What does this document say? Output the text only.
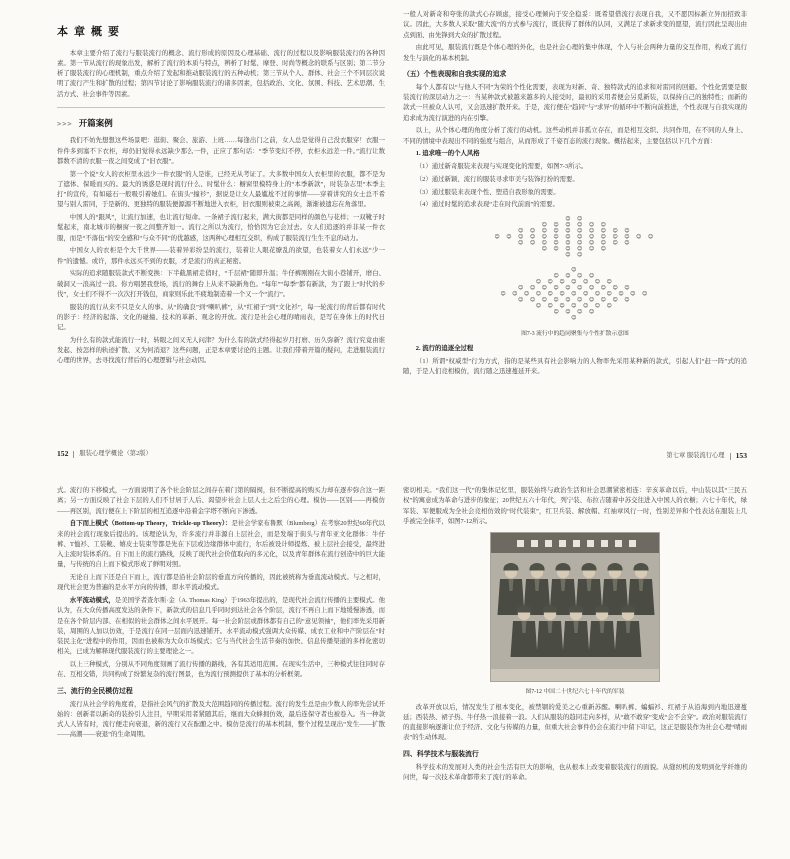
本章概要

本章主要介绍了流行与服装流行的概念、流行形成的原因及心理基础、流行的过程以及影响服装流行的各种因素。第一节从流行的现象出发，解析了流行的本质与特点，辨析了时髦、摩登、时尚等概念的联系与区别；第二节分析了服装流行的心理机制，重点介绍了发起和推动服装流行的五种动机；第三节从个人、群体、社会三个不同层次说明了流行产生和扩散的过程；第四节讨论了影响服装流行的诸多因素，包括政治、文化、氛围、科技、艺术思潮、生活方式、社会事件等因素。

>>> 开篇案例

我们不妨先想想这些场景吧：逛街、聚会、旅游、上班……每逢出门之前，女人总是觉得自己没衣服穿！衣服一件件多到塞不下衣柜，却仍旧觉得永远缺少那么一件，正应了那句话：“季节变幻不停，衣柜永远差一件。”流行让数都数不清的衣服一夜之间变成了“旧衣服”。

第一个说“女人的衣柜里永远少一件衣服”的人是谁，已经无从考证了。大多数中国女人衣柜里的衣服，都不是为了遮体、保暖而买的。最大的诱惑是现时流行什么、时髦什么：橱窗里模特身上的“本季新款”，时装杂志里“本季主打”的宣传，有如磁石一般吸引着她们。在街头“撞衫”，据说是让女人最尴尬不过的事情——穿着讲究的女士总不希望与别人雷同，于是新的、更独特的服装便源源不断地进入衣柜，旧衣服则被束之高阁，渐渐被遗忘在角落里。

中国人的“跟风”，让流行加速，也让流行短命。一条裙子流行起来，满大街都是同样的颜色与花样；一双靴子时髦起来，南北城市的橱窗一夜之间整齐划一。流行之所以为流行，恰恰因为它会过去。女人们追逐的并非某一件衣服，而是“不落伍”的安全感和“与众不同”的优越感，这两种心理相互交织，构成了服装流行生生不息的动力。

中国女人的衣柜是个大千世界——装着异彩纷呈的流行，装着让人眼花缭乱的欲望，也装着女人们永远“少一件”的遗憾。或许，那件永远买不到的衣服，才是流行的真正秘密。

实际的追求随服装款式不断变换：下半截黑裙走俏时，“千层裙”随即升温；牛仔裤刚刚在大街小巷铺开，磨白、破洞又一浪高过一浪。你方唱罢我登场，流行的舞台上从来不缺新角色。“每年”“每季”都有新款，为了跟上“时代的步伐”，女士们不得不一次次打开钱包，商家则乐此不疲地制造着一个又一个“流行”。

服装的流行从来不只是女人的事。从“的确良”到“喇叭裤”，从“红裙子”到“文化衫”，每一轮流行的背后都有时代的影子：经济的起落、文化的碰撞、技术的革新、观念的开放。流行是社会心理的晴雨表，是写在身体上的时代日记。

为什么有的款式能流行一时，转眼之间又无人问津？为什么有的款式经得起岁月打磨、历久弥新？流行究竟由谁发起、按怎样的轨迹扩散、又为何消退？这些问题，正是本章要讨论的主题。让我们带着开篇的疑问，走进服装流行心理的世界，去寻找流行背后的心理逻辑与社会动因。

152 服装心理学概论（第2版）

一般人对新奇和夸张的款式心存顾虑，接受心理倾向于安全稳妥：既希望借流行表现自我，又不愿因标新立异而招致非议。因此，大多数人采取“随大流”的方式参与流行，既获得了群体的认同，又满足了求新求变的愿望，流行因此呈现出由点到面、由先锋到大众的扩散过程。

由此可见，服装流行既是个体心理的外化，也是社会心理的集中体现，个人与社会两种力量的交互作用，构成了流行发生与演化的基本机制。

（五）个性表现和自我实现的追求

每个人都有以“与他人不同”为荣的个性化需要，表现为对新、奇、独特款式的追求和对雷同的回避。个性化需要是服装流行的深层动力之一：当某种款式被越来越多的人接受时，最初的采用者便会另觅新装，以保持自己的独特性；而新的款式一旦被众人认可，又会迅速扩散开来。于是，流行便在“趋同”与“求异”的循环中不断向前推进，个性表现与自我实现的追求成为流行演进的内在引擎。

以上，从个体心理的角度分析了流行的动机。这些动机并非孤立存在，而是相互交织、共同作用，在不同的人身上、不同的情境中表现出不同的强度与组合，从而形成了千姿百态的流行现象。概括起来，主要包括以下几个方面：

1. 追求唯一的个人风格

（1）通过新奇服装来表现与实现变化的需要，如图7-3所示。

（2）通过新颖、流行的服装寻求审美与装饰打扮的需要。

（3）通过服装来表现个性、塑造自我形象的需要。

（4）通过时髦的追求表现“走在时代前面”的需要。

☺ ☺
☺ ☺ ☺ ☺ ☺ ☺
☺ ☺ ☺ ☺ ☺ ☺ ☺ ☺ ☺ ☺
☺ ☺ ☺ ☺ ☺ ☺ ☺ ☺ ☺ ☺ ☺ ☺ ☺ ☺
☺ ☺ ☺ ☺ ☺ ☺ ☺ ☺ ☺ ☺
☺ ☺ ☺ ☺ ☺ ☺
☺ ☺
☺
☺ ☺ ☺ ☺
☺ ☺ ☺ ☺ ☺ ☺ ☺
☺ ☺ ☺ ☺ ☺ ☺ ☺ ☺ ☺ ☺
☺ ☺ ☺ ☺ ☺ ☺ ☺ ☺ ☺ ☺ ☺ ☺ ☺
☺ ☺ ☺ ☺ ☺ ☺ ☺ ☺ ☺ ☺
☺ ☺ ☺ ☺ ☺ ☺ ☺
☺ ☺ ☺ ☺
☺
图7-3 流行中的趋同聚集与个性扩散示意图

2. 流行的追逐全过程

（1）所谓“权威型”行为方式，指的是某些具有社会影响力的人物率先采用某种新的款式，引起人们“赶一阵”式的追随，于是人们竞相模仿，流行随之迅速蔓延开来。

第七章 服装流行心理 153

式。流行的下移模式，一方面说明了各个社会阶层之间存在着门第的隔阂，但不断提高的购买力却在逐步弥合这一距离；另一方面反映了社会下层的人们不甘居于人后、渴望步社会上层人士之后尘的心理。模仿——区别——再模仿——再区别，流行便在上下阶层的相互追逐中沿着金字塔不断向下渗透。

自下而上模式（Bottom-up Theory，Trickle-up Theory）：是社会学家布鲁默（Blumberg）在考察20世纪60年代以来的社会流行现象后提出的。该理论认为，许多流行并非源自上层社会，而是发端于街头与青年亚文化群体：牛仔裤、T恤衫、工装靴、嬉皮士装束等都是先在下层或边缘群体中流行，尔后被设计师提炼、被上层社会接受，最终进入主流时装体系的。自下而上的流行路线，反映了现代社会价值取向的多元化，以及青年群体在流行创造中的巨大能量，与传统的自上而下模式形成了鲜明对照。

无论自上而下还是自下而上，流行都是沿社会阶层的垂直方向传播的，因此被统称为垂直流动模式。与之相对，现代社会更为普遍的是水平方向的传播，即水平流动模式。

水平流动模式，是美国学者查尔斯·金（A. Thomas King）于1963年提出的，是现代社会流行传播的主要模式。他认为，在大众传播高度发达的条件下，新款式的信息几乎同时到达社会各个阶层，流行不再自上而下地缓慢渗透，而是在各个阶层内部、在相似的社会群体之间水平展开。每一社会阶层或群体都有自己的“意见领袖”，他们率先采用新装，周围的人加以仿效，于是流行在同一层面内迅速铺开。水平流动模式强调大众传媒、成衣工业和中产阶层在“时装民主化”进程中的作用，因而也被称为大众市场模式；它与当代社会生活节奏的加快、信息传播渠道的多样化密切相关，已成为解释现代服装流行的主要理论之一。

以上三种模式，分别从不同角度刻画了流行传播的路线，各有其适用范围。在现实生活中，三种模式往往同时存在、互相交错，共同构成了纷繁复杂的流行图景，也为流行预测提供了基本的分析框架。

三、流行的全民模仿过程

流行从社会学的角度看，是指社会风气的扩散及大范围趋同的传播过程。流行的发生总是由少数人的率先尝试开始的：创新者以新奇的装扮引人注目，早期采用者紧随其后，继而大众蜂拥仿效，最后连保守者也被卷入。当一种款式人人皆有时，流行便走向衰退，新的流行又在酝酿之中。模仿是流行的基本机制，整个过程呈现出“发生——扩散——高潮——衰退”的生命周期。

密切相关。“我们这一代”的集体记忆里，服装始终与政治生活和社会思潮紧密相连：辛亥革命以后，中山装以其“三民五权”的寓意成为革命与进步的象征；20世纪五六十年代，列宁装、布拉吉随着中苏交往进入中国人的衣橱；六七十年代，绿军装、军便服成为全社会竞相仿效的“时代装束”，红卫兵装、解放帽、红袖章风行一时，性别差异和个性表达在服装上几乎被完全抹平，如图7-12所示。

图7-12 中国二十世纪六七十年代的军装

改革开放以后，情况发生了根本变化，被禁锢的爱美之心重新苏醒。喇叭裤、蝙蝠衫、红裙子从沿海到内地迅速蔓延；西装热、裙子热、牛仔热一浪接着一浪。人们从服装的趋同走向多样，从“敢不敢穿”变成“会不会穿”。政治对服装流行的直接影响逐渐让位于经济、文化与传媒的力量，但重大社会事件仍会在流行中留下印记，这正是服装作为社会心理“晴雨表”的生动体现。

四、科学技术与服装流行

科学技术的发展对人类的社会生活有巨大的影响，也从根本上改变着服装流行的面貌。从缝纫机的发明到化学纤维的问世，每一次技术革命都带来了流行的革命。
